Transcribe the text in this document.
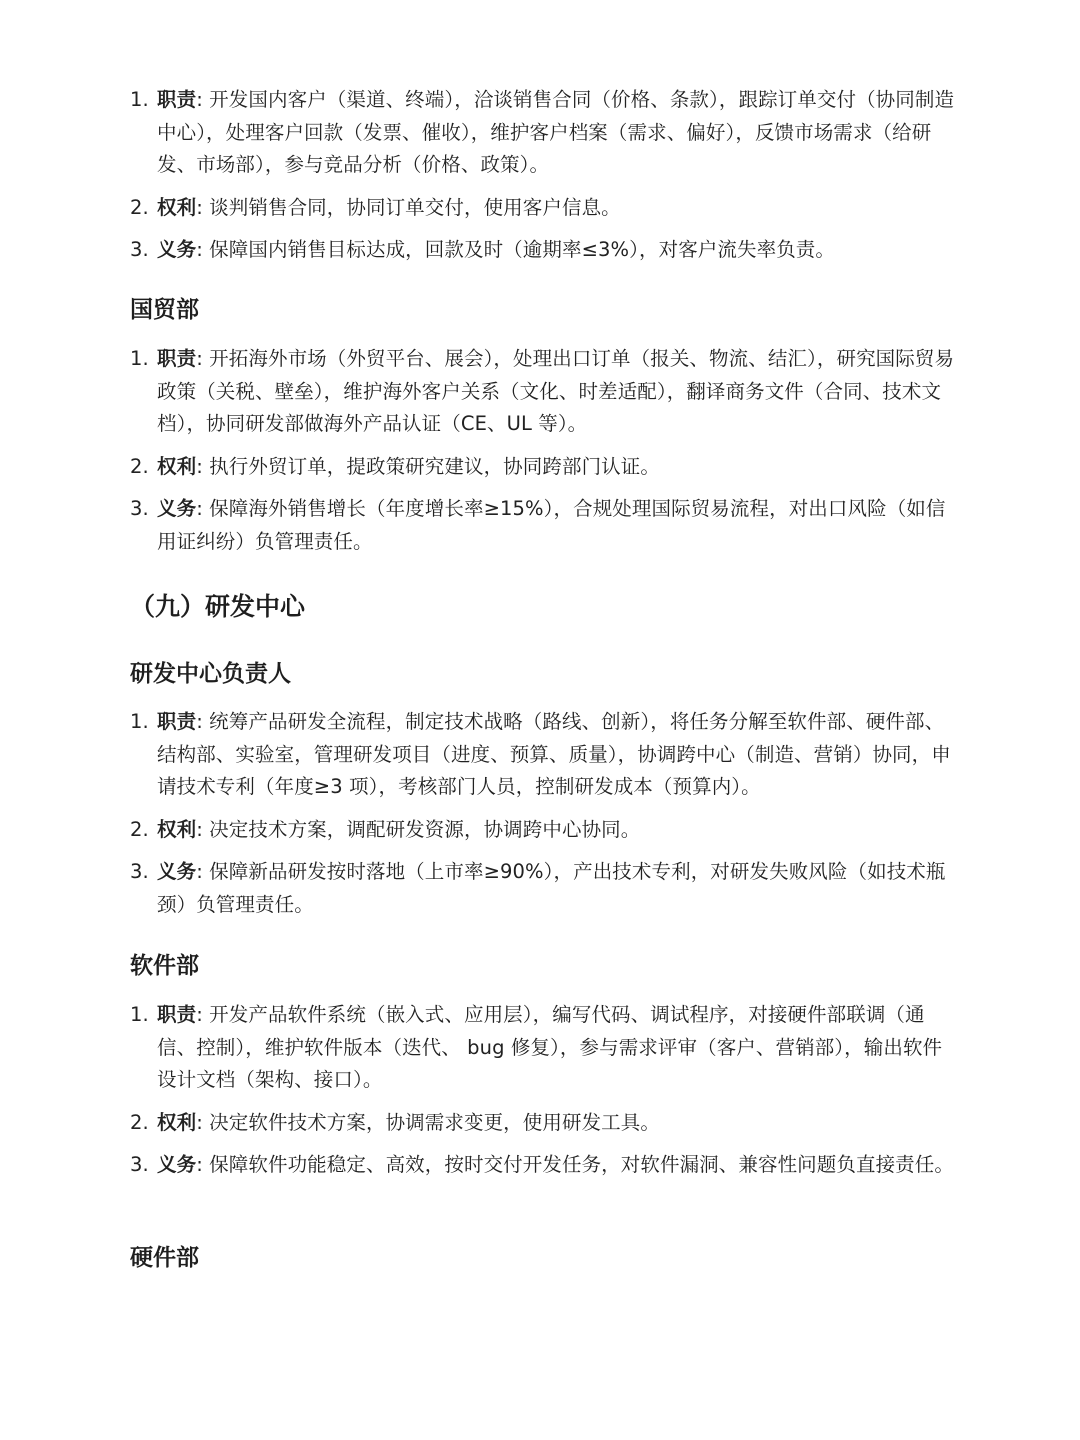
1. 职责: 开发国内客户（渠道、终端），洽谈销售合同（价格、条款），跟踪订单交付（协同制造中心），处理客户回款（发票、催收），维护客户档案（需求、偏好），反馈市场需求（给研发、市场部），参与竞品分析（价格、政策）。
2. 权利: 谈判销售合同，协同订单交付，使用客户信息。
3. 义务: 保障国内销售目标达成，回款及时（逾期率≤3%），对客户流失率负责。
国贸部
1. 职责: 开拓海外市场（外贸平台、展会），处理出口订单（报关、物流、结汇），研究国际贸易政策（关税、壁垒），维护海外客户关系（文化、时差适配），翻译商务文件（合同、技术文档），协同研发部做海外产品认证（CE、UL 等）。
2. 权利: 执行外贸订单，提政策研究建议，协同跨部门认证。
3. 义务: 保障海外销售增长（年度增长率≥15%），合规处理国际贸易流程，对出口风险（如信用证纠纷）负管理责任。
（九）研发中心
研发中心负责人
1. 职责: 统筹产品研发全流程，制定技术战略（路线、创新），将任务分解至软件部、硬件部、结构部、实验室，管理研发项目（进度、预算、质量），协调跨中心（制造、营销）协同，申请技术专利（年度≥3 项），考核部门人员，控制研发成本（预算内）。
2. 权利: 决定技术方案，调配研发资源，协调跨中心协同。
3. 义务: 保障新品研发按时落地（上市率≥90%），产出技术专利，对研发失败风险（如技术瓶颈）负管理责任。
软件部
1. 职责: 开发产品软件系统（嵌入式、应用层），编写代码、调试程序，对接硬件部联调（通信、控制），维护软件版本（迭代、 bug 修复），参与需求评审（客户、营销部），输出软件设计文档（架构、接口）。
2. 权利: 决定软件技术方案，协调需求变更，使用研发工具。
3. 义务: 保障软件功能稳定、高效，按时交付开发任务，对软件漏洞、兼容性问题负直接责任。
硬件部
